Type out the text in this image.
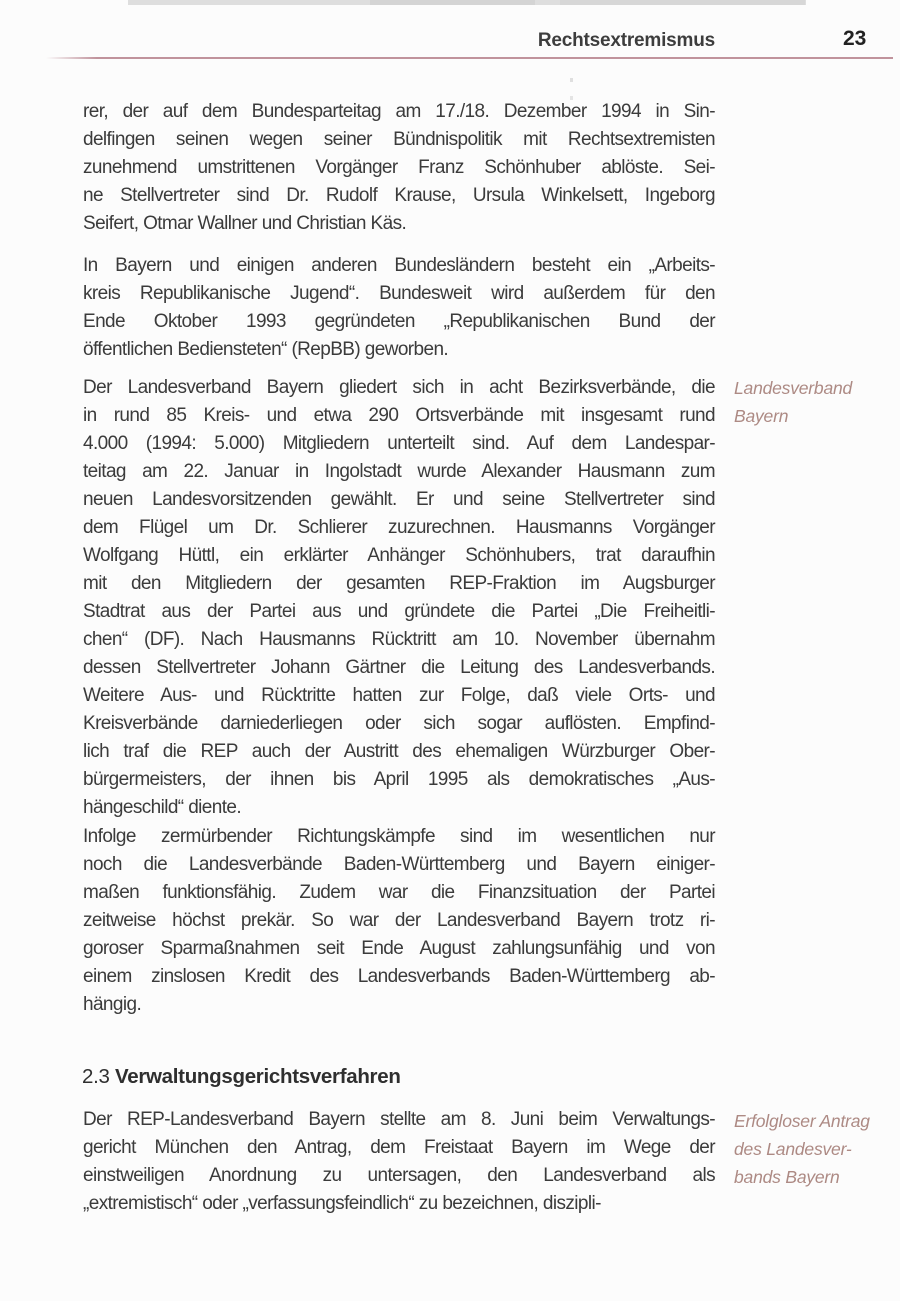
Rechtsextremismus	23
rer, der auf dem Bundesparteitag am 17./18. Dezember 1994 in Sin-
delfingen seinen wegen seiner Bündnispolitik mit Rechtsextremisten
zunehmend umstrittenen Vorgänger Franz Schönhuber ablöste. Sei-
ne Stellvertreter sind Dr. Rudolf Krause, Ursula Winkelsett, Ingeborg
Seifert, Otmar Wallner und Christian Käs.
In Bayern und einigen anderen Bundesländern besteht ein „Arbeits-
kreis Republikanische Jugend“. Bundesweit wird außerdem für den
Ende Oktober 1993 gegründeten „Republikanischen Bund der
öffentlichen Bediensteten“ (RepBB) geworben.
Der Landesverband Bayern gliedert sich in acht Bezirksverbände, die
in rund 85 Kreis- und etwa 290 Ortsverbände mit insgesamt rund
4.000 (1994: 5.000) Mitgliedern unterteilt sind. Auf dem Landespar-
teitag am 22. Januar in Ingolstadt wurde Alexander Hausmann zum
neuen Landesvorsitzenden gewählt. Er und seine Stellvertreter sind
dem Flügel um Dr. Schlierer zuzurechnen. Hausmanns Vorgänger
Wolfgang Hüttl, ein erklärter Anhänger Schönhubers, trat daraufhin
mit den Mitgliedern der gesamten REP-Fraktion im Augsburger
Stadtrat aus der Partei aus und gründete die Partei „Die Freiheitli-
chen“ (DF). Nach Hausmanns Rücktritt am 10. November übernahm
dessen Stellvertreter Johann Gärtner die Leitung des Landesverbands.
Weitere Aus- und Rücktritte hatten zur Folge, daß viele Orts- und
Kreisverbände darniederliegen oder sich sogar auflösten. Empfind-
lich traf die REP auch der Austritt des ehemaligen Würzburger Ober-
bürgermeisters, der ihnen bis April 1995 als demokratisches „Aus-
hängeschild“ diente.
Infolge zermürbender Richtungskämpfe sind im wesentlichen nur
noch die Landesverbände Baden-Württemberg und Bayern einiger-
maßen funktionsfähig. Zudem war die Finanzsituation der Partei
zeitweise höchst prekär. So war der Landesverband Bayern trotz ri-
goroser Sparmaßnahmen seit Ende August zahlungsunfähig und von
einem zinslosen Kredit des Landesverbands Baden-Württemberg ab-
hängig.
2.3 Verwaltungsgerichtsverfahren
Der REP-Landesverband Bayern stellte am 8. Juni beim Verwaltungs-
gericht München den Antrag, dem Freistaat Bayern im Wege der
einstweiligen Anordnung zu untersagen, den Landesverband als
„extremistisch“ oder „verfassungsfeindlich“ zu bezeichnen, diszipli-
Landesverband
Bayern
Erfolgloser Antrag
des Landesver-
bands Bayern
